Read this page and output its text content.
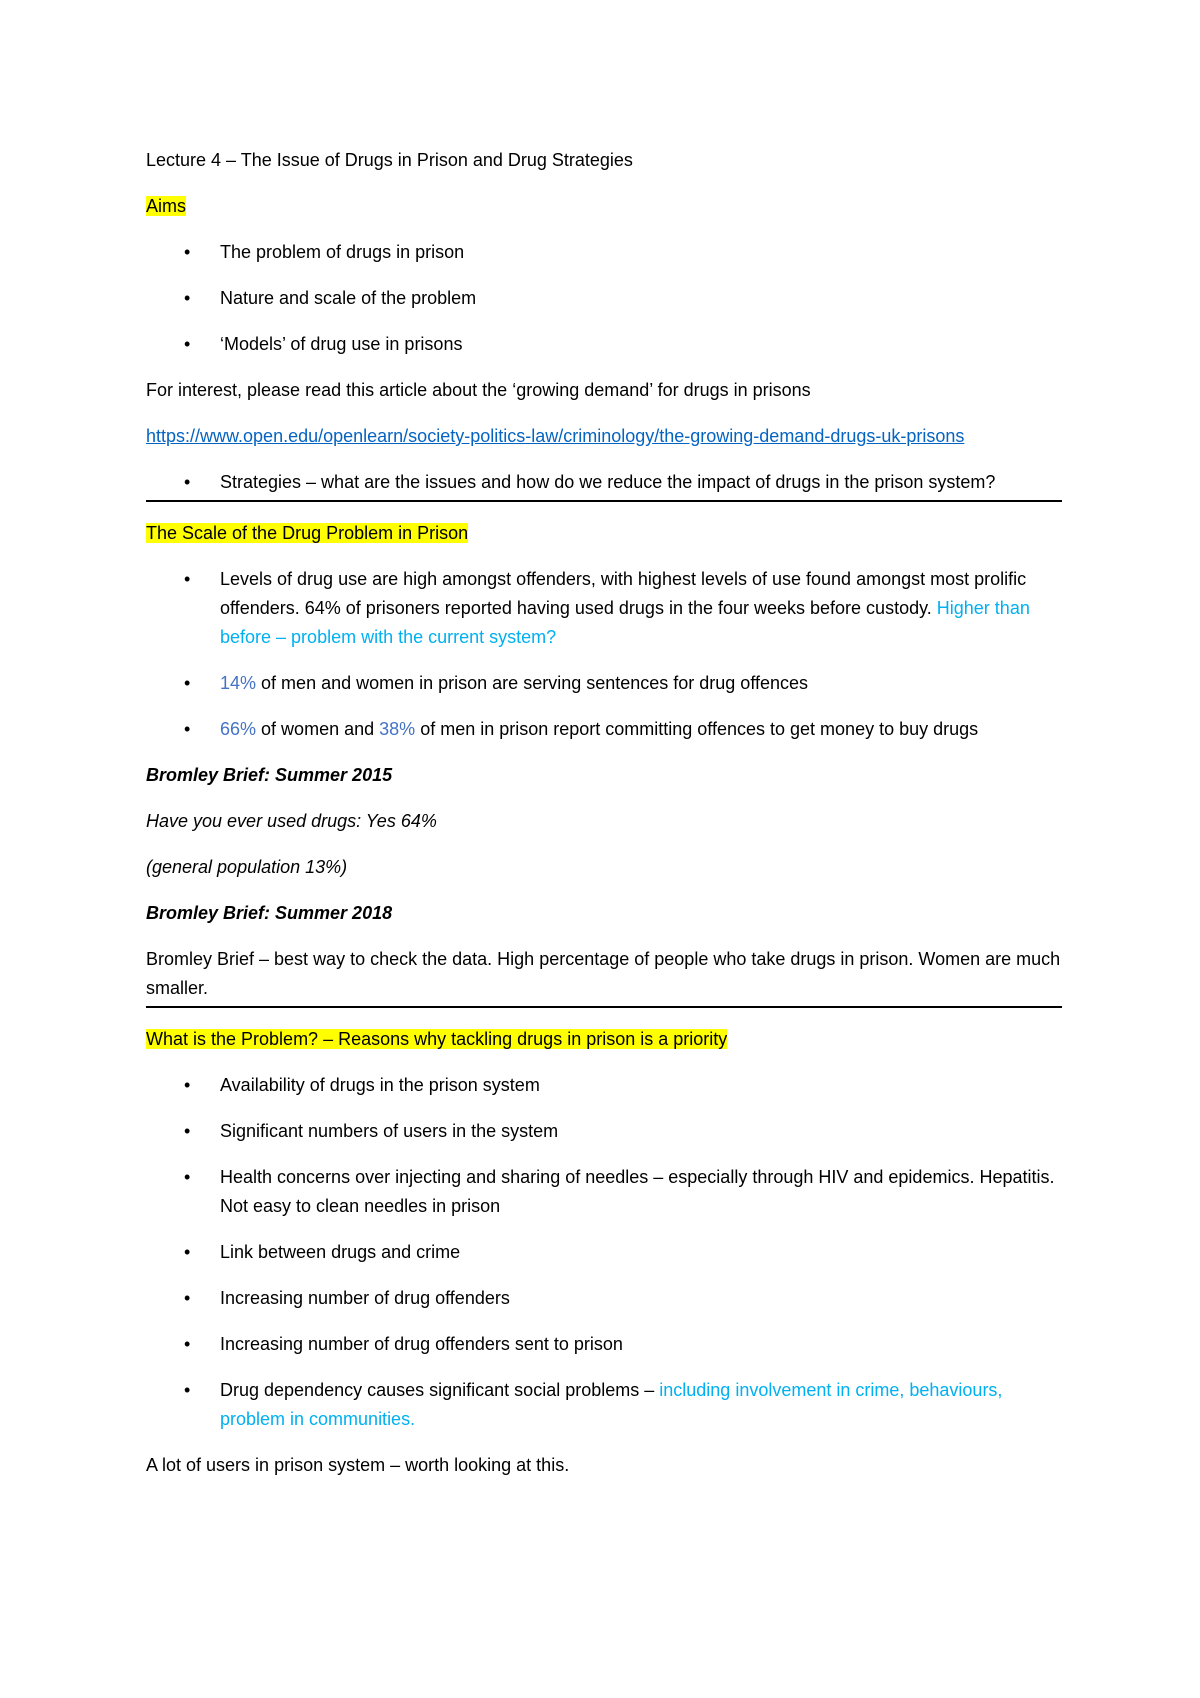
Lecture 4 – The Issue of Drugs in Prison and Drug Strategies

Aims

• The problem of drugs in prison
• Nature and scale of the problem
• ‘Models’ of drug use in prisons

For interest, please read this article about the ‘growing demand’ for drugs in prisons

https://www.open.edu/openlearn/society-politics-law/criminology/the-growing-demand-drugs-uk-prisons

• Strategies – what are the issues and how do we reduce the impact of drugs in the prison system?

The Scale of the Drug Problem in Prison

• Levels of drug use are high amongst offenders, with highest levels of use found amongst most prolific offenders. 64% of prisoners reported having used drugs in the four weeks before custody. Higher than before – problem with the current system?
• 14% of men and women in prison are serving sentences for drug offences
• 66% of women and 38% of men in prison report committing offences to get money to buy drugs

Bromley Brief: Summer 2015

Have you ever used drugs: Yes 64%

(general population 13%)

Bromley Brief: Summer 2018

Bromley Brief – best way to check the data. High percentage of people who take drugs in prison. Women are much smaller.

What is the Problem? – Reasons why tackling drugs in prison is a priority

• Availability of drugs in the prison system
• Significant numbers of users in the system
• Health concerns over injecting and sharing of needles – especially through HIV and epidemics. Hepatitis. Not easy to clean needles in prison
• Link between drugs and crime
• Increasing number of drug offenders
• Increasing number of drug offenders sent to prison
• Drug dependency causes significant social problems – including involvement in crime, behaviours, problem in communities.

A lot of users in prison system – worth looking at this.
